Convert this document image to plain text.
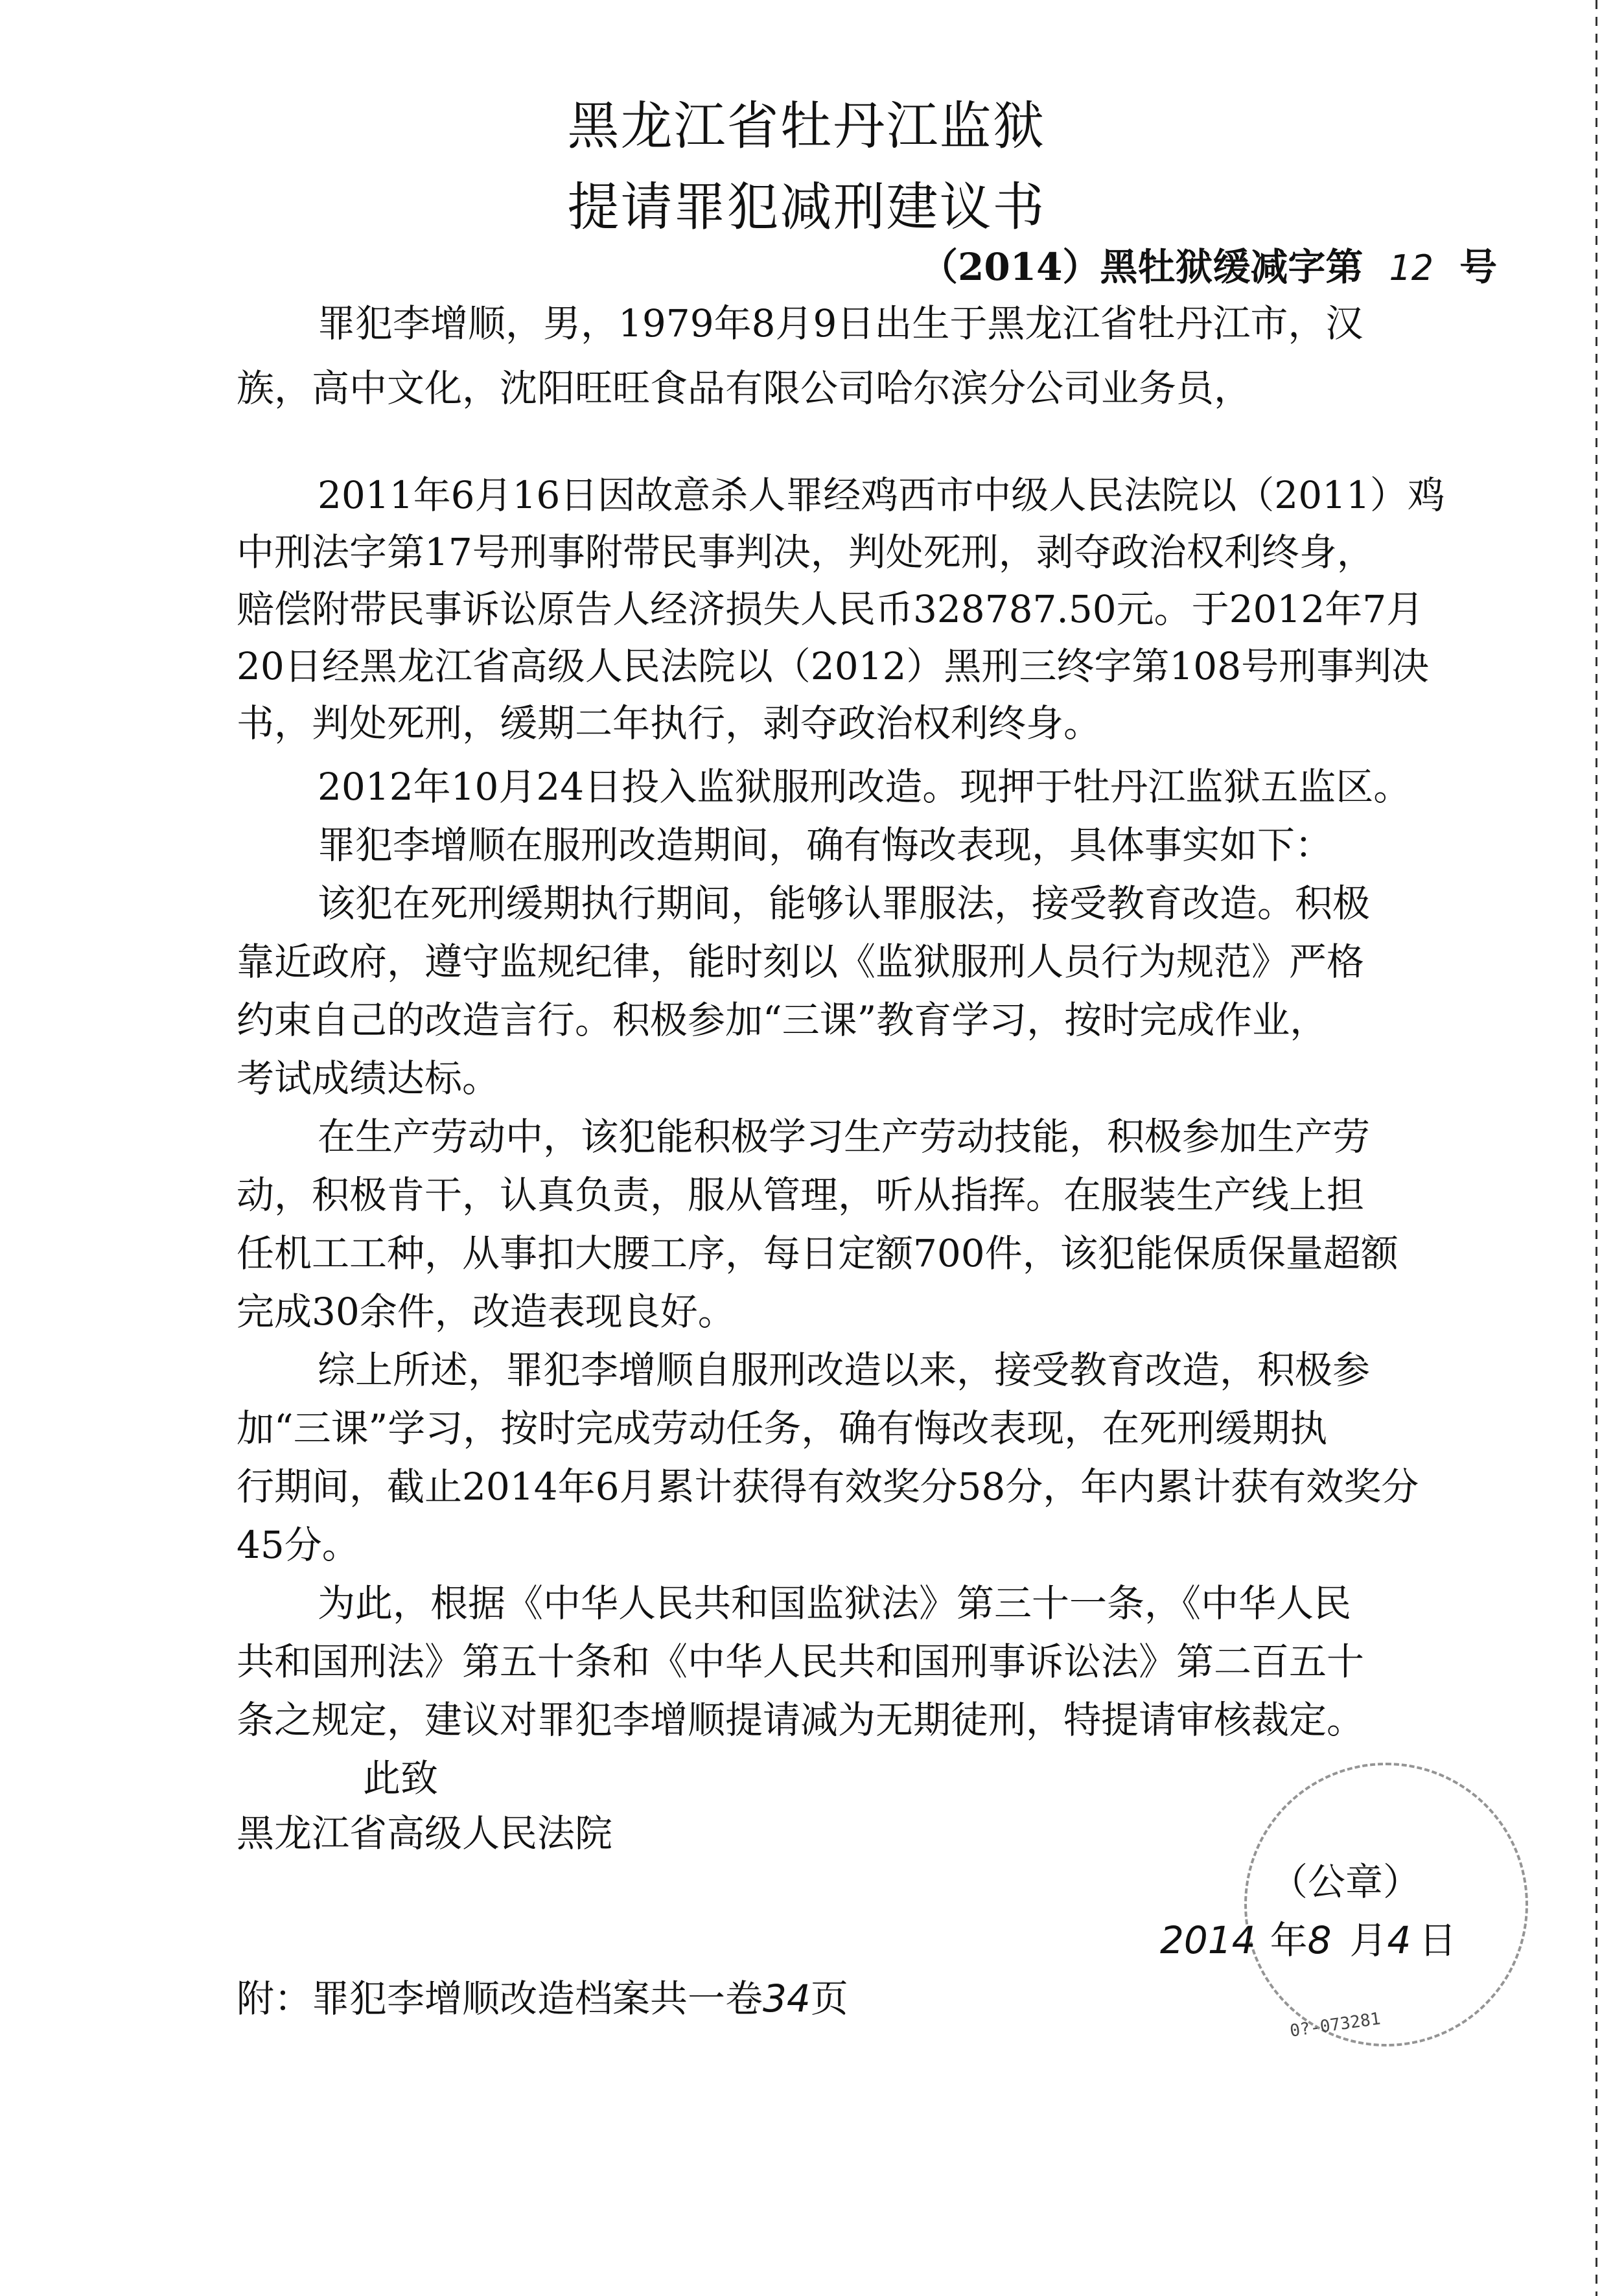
黑龙江省牡丹江监狱
提请罪犯减刑建议书
（2014）黑牡狱缓减字第 12 号
罪犯李增顺，男，1979年8月9日出生于黑龙江省牡丹江市，汉
族，高中文化，沈阳旺旺食品有限公司哈尔滨分公司业务员，
2011年6月16日因故意杀人罪经鸡西市中级人民法院以（2011）鸡
中刑法字第17号刑事附带民事判决，判处死刑，剥夺政治权利终身，
赔偿附带民事诉讼原告人经济损失人民币328787.50元。于2012年7月
20日经黑龙江省高级人民法院以（2012）黑刑三终字第108号刑事判决
书，判处死刑，缓期二年执行，剥夺政治权利终身。
2012年10月24日投入监狱服刑改造。现押于牡丹江监狱五监区。
罪犯李增顺在服刑改造期间，确有悔改表现，具体事实如下：
该犯在死刑缓期执行期间，能够认罪服法，接受教育改造。积极
靠近政府，遵守监规纪律，能时刻以《监狱服刑人员行为规范》严格
约束自己的改造言行。积极参加“三课”教育学习，按时完成作业，
考试成绩达标。
在生产劳动中，该犯能积极学习生产劳动技能，积极参加生产劳
动，积极肯干，认真负责，服从管理，听从指挥。在服装生产线上担
任机工工种，从事扣大腰工序，每日定额700件，该犯能保质保量超额
完成30余件，改造表现良好。
综上所述，罪犯李增顺自服刑改造以来，接受教育改造，积极参
加“三课”学习，按时完成劳动任务，确有悔改表现，在死刑缓期执
行期间，截止2014年6月累计获得有效奖分58分，年内累计获有效奖分
45分。
为此，根据《中华人民共和国监狱法》第三十一条，《中华人民
共和国刑法》第五十条和《中华人民共和国刑事诉讼法》第二百五十
条之规定，建议对罪犯李增顺提请减为无期徒刑，特提请审核裁定。
此致
黑龙江省高级人民法院
0?-073281
（公章）
2014 年8 月4 日
附：罪犯李增顺改造档案共一卷34页
